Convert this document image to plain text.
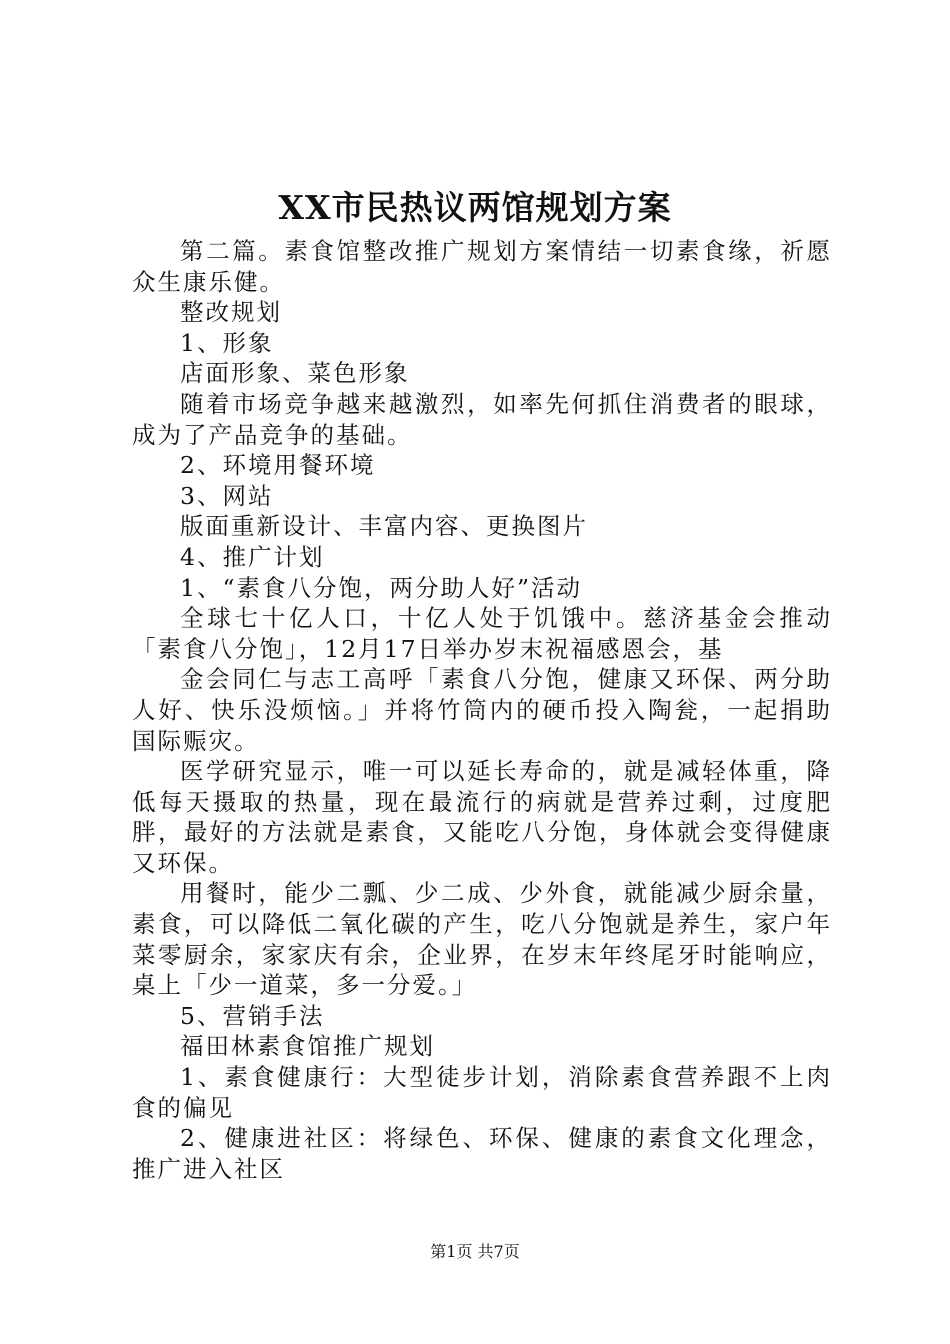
XX市民热议两馆规划方案

第二篇。素食馆整改推广规划方案情结一切素食缘，祈愿众生康乐健。

整改规划

1、形象

店面形象、菜色形象

随着市场竞争越来越激烈，如率先何抓住消费者的眼球，成为了产品竞争的基础。

2、环境用餐环境

3、网站

版面重新设计、丰富内容、更换图片

4、推广计划

1、“素食八分饱，两分助人好”活动

全球七十亿人口，十亿人处于饥饿中。慈济基金会推动「素食八分饱」，12月17日举办岁末祝福感恩会，基

金会同仁与志工高呼「素食八分饱，健康又环保、两分助人好、快乐没烦恼。」并将竹筒内的硬币投入陶瓮，一起捐助国际赈灾。

医学研究显示，唯一可以延长寿命的，就是减轻体重，降低每天摄取的热量，现在最流行的病就是营养过剩，过度肥胖，最好的方法就是素食，又能吃八分饱，身体就会变得健康又环保。

用餐时，能少二瓢、少二成、少外食，就能减少厨余量，素食，可以降低二氧化碳的产生，吃八分饱就是养生，家户年菜零厨余，家家庆有余，企业界，在岁末年终尾牙时能响应，桌上「少一道菜，多一分爱。」

5、营销手法

福田林素食馆推广规划

1、素食健康行：大型徒步计划，消除素食营养跟不上肉食的偏见

2、健康进社区：将绿色、环保、健康的素食文化理念，推广进入社区

第1页 共7页
